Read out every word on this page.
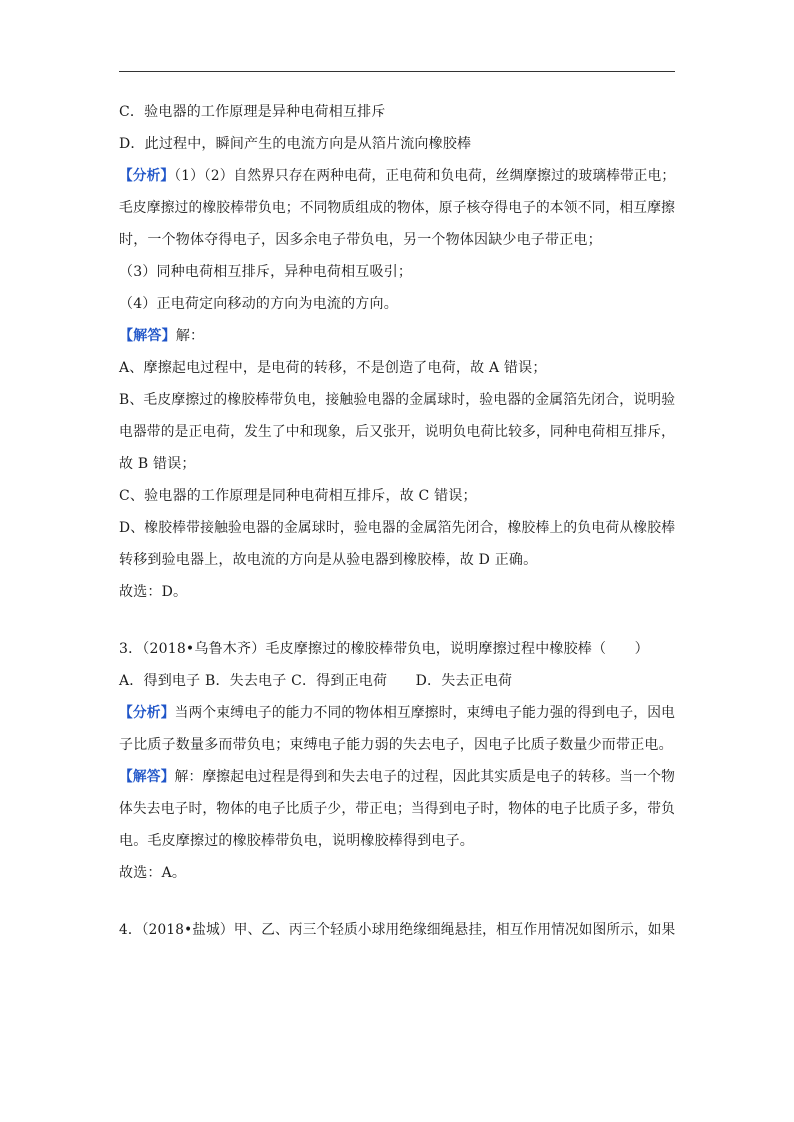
C．验电器的工作原理是异种电荷相互排斥
D．此过程中，瞬间产生的电流方向是从箔片流向橡胶棒
【分析】（1）（2）自然界只存在两种电荷，正电荷和负电荷，丝绸摩擦过的玻璃棒带正电；
毛皮摩擦过的橡胶棒带负电；不同物质组成的物体，原子核夺得电子的本领不同，相互摩擦
时，一个物体夺得电子，因多余电子带负电，另一个物体因缺少电子带正电；
（3）同种电荷相互排斥，异种电荷相互吸引；
（4）正电荷定向移动的方向为电流的方向。
【解答】解：
A、摩擦起电过程中，是电荷的转移，不是创造了电荷，故 A 错误；
B、毛皮摩擦过的橡胶棒带负电，接触验电器的金属球时，验电器的金属箔先闭合，说明验
电器带的是正电荷，发生了中和现象，后又张开，说明负电荷比较多，同种电荷相互排斥，
故 B 错误；
C、验电器的工作原理是同种电荷相互排斥，故 C 错误；
D、橡胶棒带接触验电器的金属球时，验电器的金属箔先闭合，橡胶棒上的负电荷从橡胶棒
转移到验电器上，故电流的方向是从验电器到橡胶棒，故 D 正确。
故选：D。
3．（2018•乌鲁木齐）毛皮摩擦过的橡胶棒带负电，说明摩擦过程中橡胶棒（　　）
A．得到电子 B．失去电子 C．得到正电荷　　D．失去正电荷
【分析】当两个束缚电子的能力不同的物体相互摩擦时，束缚电子能力强的得到电子，因电
子比质子数量多而带负电；束缚电子能力弱的失去电子，因电子比质子数量少而带正电。
【解答】解：摩擦起电过程是得到和失去电子的过程，因此其实质是电子的转移。当一个物
体失去电子时，物体的电子比质子少，带正电；当得到电子时，物体的电子比质子多，带负
电。毛皮摩擦过的橡胶棒带负电，说明橡胶棒得到电子。
故选：A。
4．（2018•盐城）甲、乙、丙三个轻质小球用绝缘细绳悬挂，相互作用情况如图所示，如果
